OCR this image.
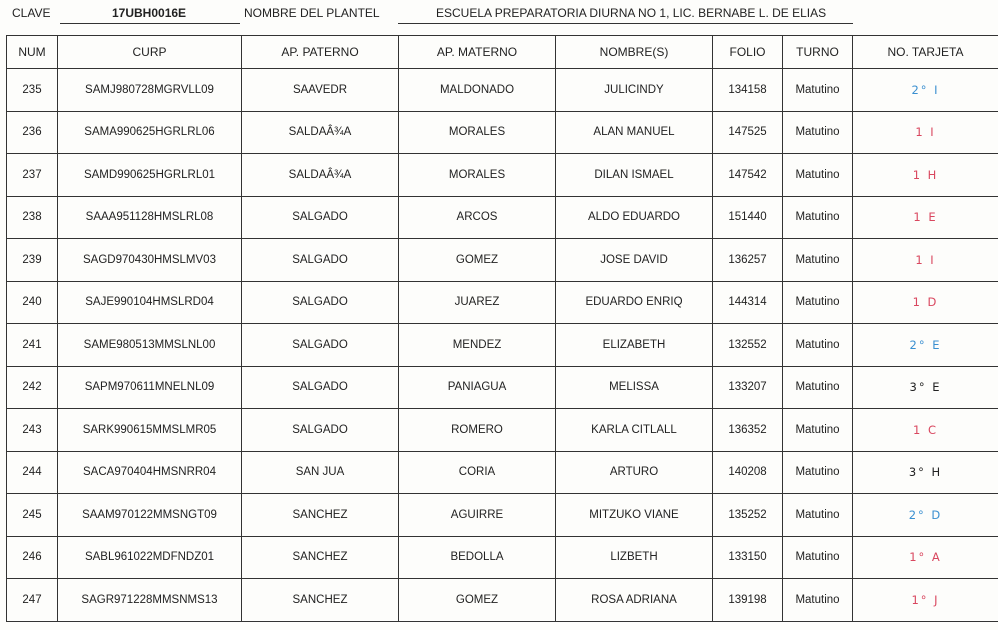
CLAVE	17UBH0016E	NOMBRE DEL PLANTEL	ESCUELA PREPARATORIA DIURNA NO 1, LIC. BERNABE L. DE ELIAS
NUM	CURP	AP. PATERNO	AP. MATERNO	NOMBRE(S)	FOLIO	TURNO	NO. TARJETA
235	SAMJ980728MGRVLL09	SAAVEDR	MALDONADO	JULICINDY	134158	Matutino	2° I
236	SAMA990625HGRLRL06	SALDAÂ¾A	MORALES	ALAN MANUEL	147525	Matutino	1 I
237	SAMD990625HGRLRL01	SALDAÂ¾A	MORALES	DILAN ISMAEL	147542	Matutino	1 H
238	SAAA951128HMSLRL08	SALGADO	ARCOS	ALDO EDUARDO	151440	Matutino	1 E
239	SAGD970430HMSLMV03	SALGADO	GOMEZ	JOSE DAVID	136257	Matutino	1 I
240	SAJE990104HMSLRD04	SALGADO	JUAREZ	EDUARDO ENRIQ	144314	Matutino	1 D
241	SAME980513MMSLNL00	SALGADO	MENDEZ	ELIZABETH	132552	Matutino	2° E
242	SAPM970611MNELNL09	SALGADO	PANIAGUA	MELISSA	133207	Matutino	3° E
243	SARK990615MMSLMR05	SALGADO	ROMERO	KARLA CITLALL	136352	Matutino	1 C
244	SACA970404HMSNRR04	SAN JUA	CORIA	ARTURO	140208	Matutino	3° H
245	SAAM970122MMSNGT09	SANCHEZ	AGUIRRE	MITZUKO VIANE	135252	Matutino	2° D
246	SABL961022MDFNDZ01	SANCHEZ	BEDOLLA	LIZBETH	133150	Matutino	1° A
247	SAGR971228MMSNMS13	SANCHEZ	GOMEZ	ROSA ADRIANA	139198	Matutino	1° J
